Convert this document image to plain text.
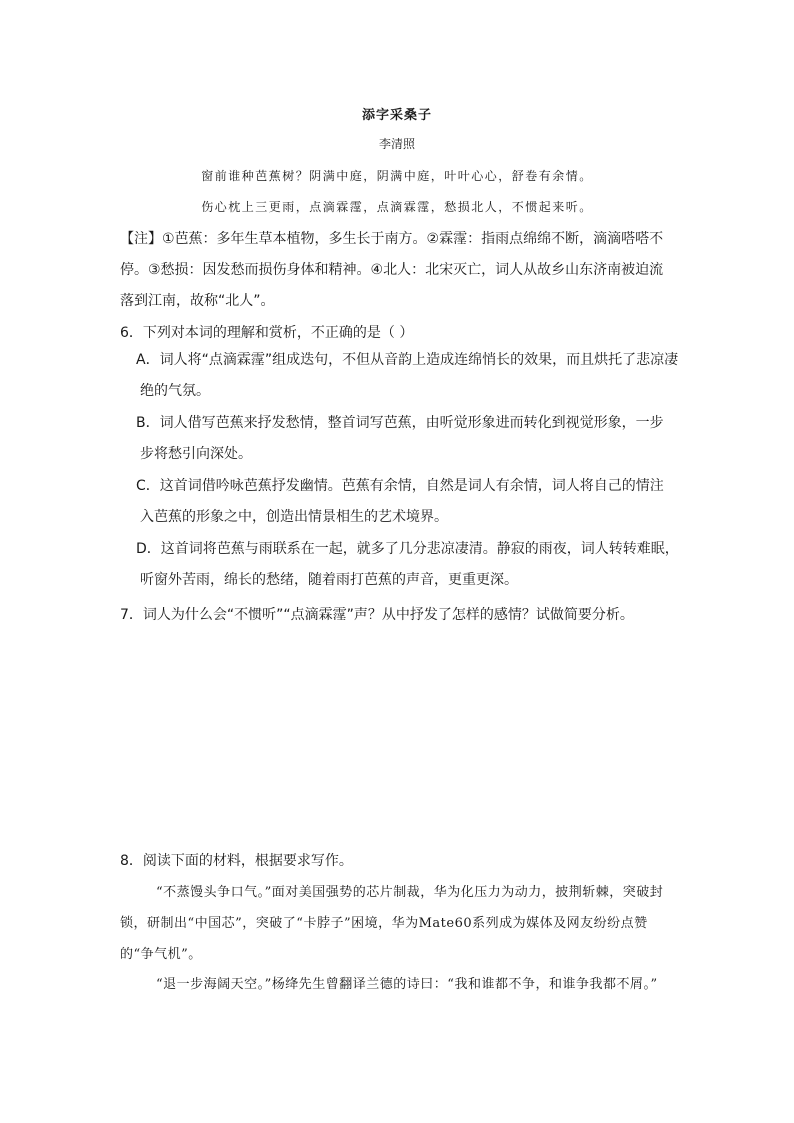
添字采桑子
李清照
窗前谁种芭蕉树？阴满中庭，阴满中庭，叶叶心心，舒卷有余情。
伤心枕上三更雨，点滴霖霪，点滴霖霪，愁损北人，不惯起来听。
【注】①芭蕉：多年生草本植物，多生长于南方。②霖霪：指雨点绵绵不断，滴滴嗒嗒不
停。③愁损：因发愁而损伤身体和精神。④北人：北宋灭亡，词人从故乡山东济南被迫流
落到江南，故称“北人”。
6．下列对本词的理解和赏析，不正确的是（ ）
A．词人将“点滴霖霪”组成迭句，不但从音韵上造成连绵悄长的效果，而且烘托了悲凉凄
绝的气氛。
B．词人借写芭蕉来抒发愁情，整首词写芭蕉，由听觉形象进而转化到视觉形象，一步
步将愁引向深处。
C．这首词借吟咏芭蕉抒发幽情。芭蕉有余情，自然是词人有余情，词人将自己的情注
入芭蕉的形象之中，创造出情景相生的艺术境界。
D．这首词将芭蕉与雨联系在一起，就多了几分悲凉凄清。静寂的雨夜，词人转转难眠，
听窗外苦雨，绵长的愁绪，随着雨打芭蕉的声音，更重更深。
7．词人为什么会“不惯听”“点滴霖霪”声？从中抒发了怎样的感情？试做简要分析。
8．阅读下面的材料，根据要求写作。
“不蒸馒头争口气。”面对美国强势的芯片制裁，华为化压力为动力，披荆斩棘，突破封锁，研制出“中国芯”，突破了“卡脖子”困境，华为Mate60系列成为媒体及网友纷纷点赞的“争气机”。
“退一步海阔天空。”杨绛先生曾翻译兰德的诗曰：“我和谁都不争，和谁争我都不屑。”
